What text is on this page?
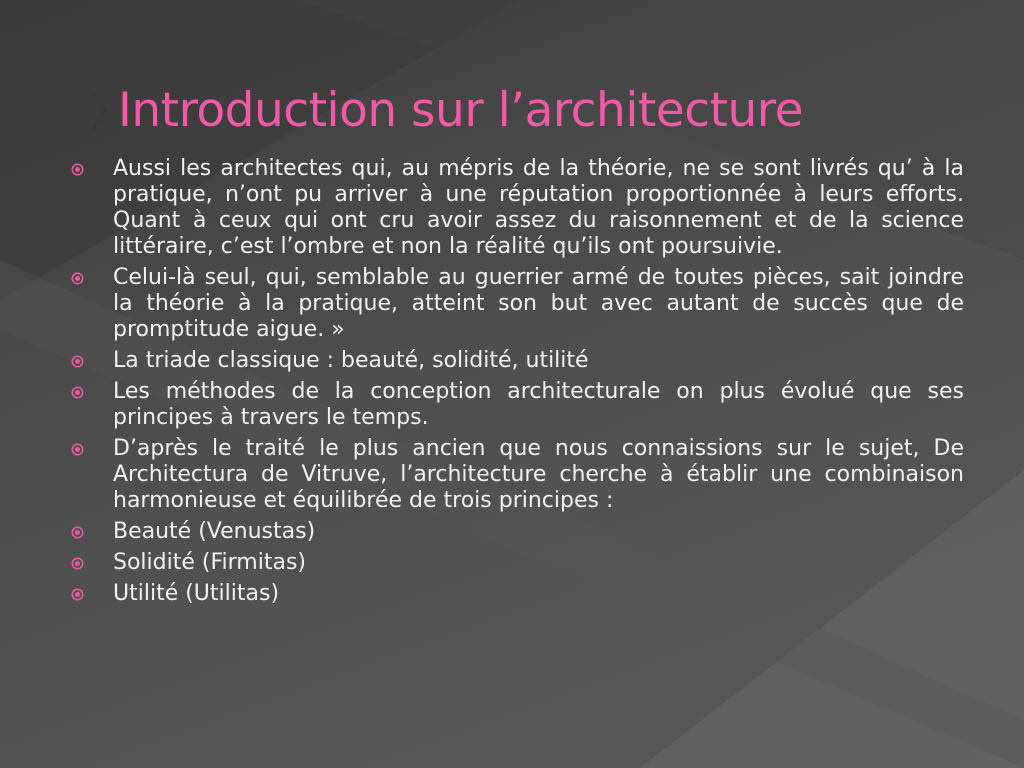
Introduction sur l’architecture
Aussi les architectes qui, au mépris de la théorie, ne se sont livrés qu’ à la pratique, n’ont pu arriver à une réputation proportionnée à leurs efforts. Quant à ceux qui ont cru avoir assez du raisonnement et de la science littéraire, c’est l’ombre et non la réalité qu’ils ont poursuivie.
Celui-là seul, qui, semblable au guerrier armé de toutes pièces, sait joindre la théorie à la pratique, atteint son but avec autant de succès que de promptitude aigue. »
La triade classique : beauté, solidité, utilité
Les méthodes de la conception architecturale on plus évolué que ses principes à travers le temps.
D’après le traité le plus ancien que nous connaissions sur le sujet, De Architectura de Vitruve, l’architecture cherche à établir une combinaison harmonieuse et équilibrée de trois principes :
Beauté (Venustas)
Solidité (Firmitas)
Utilité (Utilitas)
